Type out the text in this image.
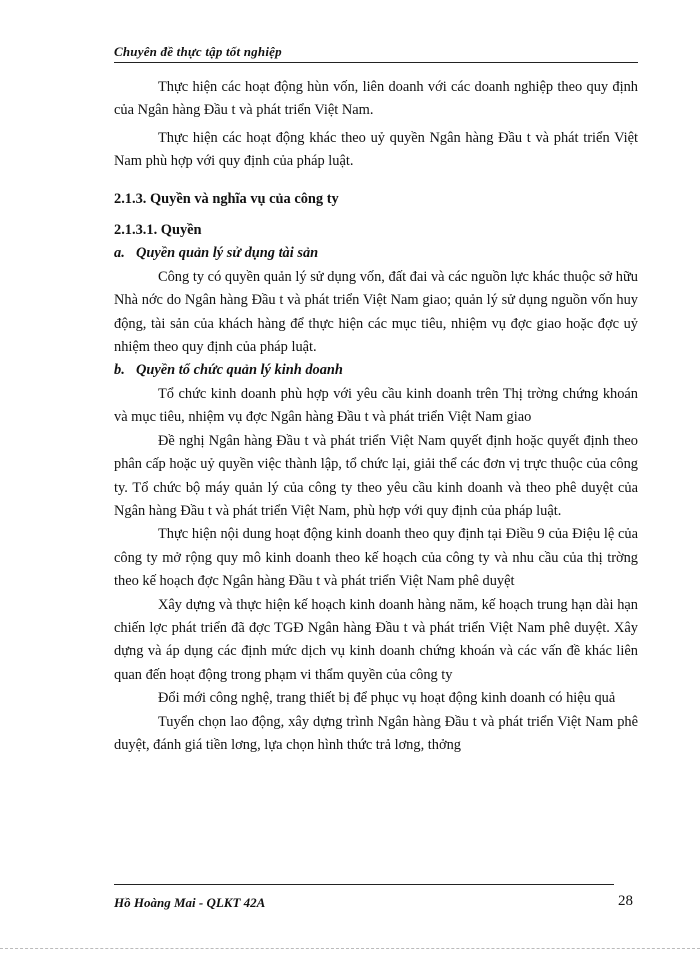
Chuyên đề thực tập tốt nghiệp

Thực hiện các hoạt động hùn vốn, liên doanh với các doanh nghiệp theo quy định của Ngân hàng Đầu t và phát triển Việt Nam.

Thực hiện các hoạt động khác theo uỷ quyền Ngân hàng Đầu t và phát triển Việt Nam phù hợp với quy định của pháp luật.

2.1.3. Quyền và nghĩa vụ của công ty
2.1.3.1. Quyền
a. Quyền quản lý sử dụng tài sản

Công ty có quyền quản lý sử dụng vốn, đất đai và các nguồn lực khác thuộc sở hữu Nhà nớc do Ngân hàng Đầu t và phát triển Việt Nam giao; quản lý sử dụng nguồn vốn huy động, tài sản của khách hàng để thực hiện các mục tiêu, nhiệm vụ đợc giao hoặc đợc uỷ nhiệm theo quy định của pháp luật.

b. Quyền tổ chức quản lý kinh doanh

Tổ chức kinh doanh phù hợp với yêu cầu kinh doanh trên Thị trờng chứng khoán và mục tiêu, nhiệm vụ đợc Ngân hàng Đầu t và phát triển Việt Nam giao

Đề nghị Ngân hàng Đầu t và phát triển Việt Nam quyết định hoặc quyết định theo phân cấp hoặc uỷ quyền việc thành lập, tổ chức lại, giải thể các đơn vị trực thuộc của công ty. Tổ chức bộ máy quản lý của công ty theo yêu cầu kinh doanh và theo phê duyệt của Ngân hàng Đầu t và phát triển Việt Nam, phù hợp với quy định của pháp luật.

Thực hiện nội dung hoạt động kinh doanh theo quy định tại Điều 9 của Điệu lệ của công ty mở rộng quy mô kinh doanh theo kế hoạch của công ty và nhu cầu của thị trờng theo kế hoạch đợc Ngân hàng Đầu t và phát triển Việt Nam phê duyệt

Xây dựng và thực hiện kế hoạch kinh doanh hàng năm, kế hoạch trung hạn dài hạn chiến lợc phát triển đã đợc TGĐ Ngân hàng Đầu t và phát triển Việt Nam phê duyệt. Xây dựng và áp dụng các định mức dịch vụ kinh doanh chứng khoán và các vấn đề khác liên quan đến hoạt động trong phạm vi thẩm quyền của công ty

Đổi mới công nghệ, trang thiết bị để phục vụ hoạt động kinh doanh có hiệu quả

Tuyển chọn lao động, xây dựng trình Ngân hàng Đầu t và phát triển Việt Nam phê duyệt, đánh giá tiền lơng, lựa chọn hình thức trả lơng, thởng

Hồ Hoàng Mai - QLKT 42A	28
